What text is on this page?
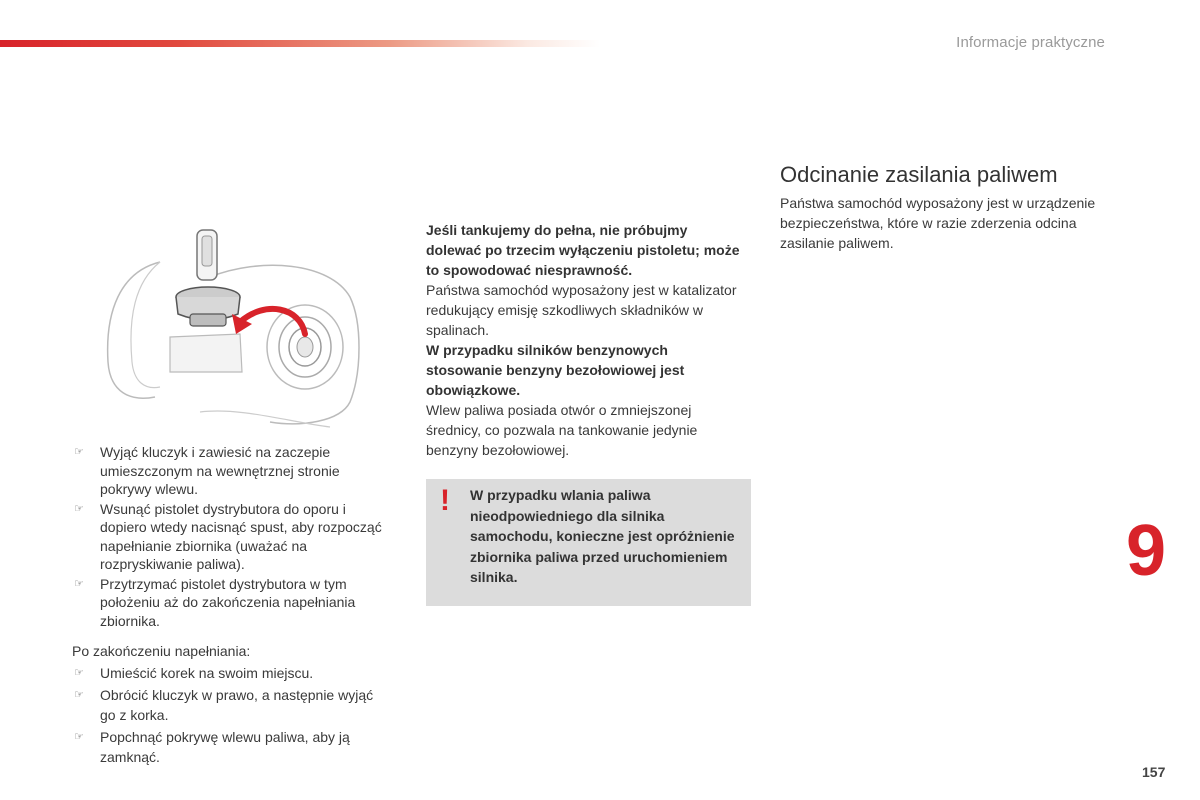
Informacje praktyczne
☞ Wyjąć kluczyk i zawiesić na zaczepie umieszczonym na wewnętrznej stronie pokrywy wlewu.
☞ Wsunąć pistolet dystrybutora do oporu i dopiero wtedy nacisnąć spust, aby rozpocząć napełnianie zbiornika (uważać na rozpryskiwanie paliwa).
☞ Przytrzymać pistolet dystrybutora w tym położeniu aż do zakończenia napełniania zbiornika.

Po zakończeniu napełniania:

☞ Umieścić korek na swoim miejscu.
☞ Obrócić kluczyk w prawo, a następnie wyjąć go z korka.
☞ Popchnąć pokrywę wlewu paliwa, aby ją zamknąć.

Jeśli tankujemy do pełna, nie próbujmy dolewać po trzecim wyłączeniu pistoletu; może to spowodować niesprawność.

Państwa samochód wyposażony jest w katalizator redukujący emisję szkodliwych składników w spalinach.

W przypadku silników benzynowych stosowanie benzyny bezołowiowej jest obowiązkowe.

Wlew paliwa posiada otwór o zmniejszonej średnicy, co pozwala na tankowanie jedynie benzyny bezołowiowej.

! W przypadku wlania paliwa nieodpowiedniego dla silnika samochodu, konieczne jest opróżnienie zbiornika paliwa przed uruchomieniem silnika.
Odcinanie zasilania paliwem

Państwa samochód wyposażony jest w urządzenie bezpieczeństwa, które w razie zderzenia odcina zasilanie paliwem.

9
157
